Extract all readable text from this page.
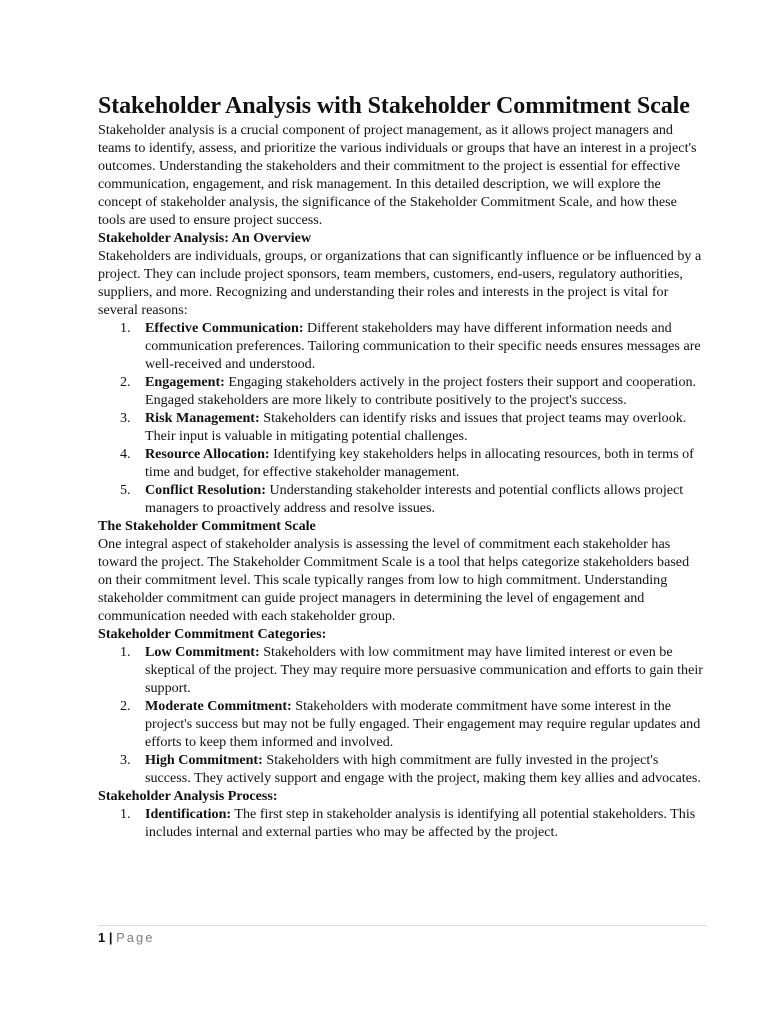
Stakeholder Analysis with Stakeholder Commitment Scale

Stakeholder analysis is a crucial component of project management, as it allows project managers and teams to identify, assess, and prioritize the various individuals or groups that have an interest in a project's outcomes. Understanding the stakeholders and their commitment to the project is essential for effective communication, engagement, and risk management. In this detailed description, we will explore the concept of stakeholder analysis, the significance of the Stakeholder Commitment Scale, and how these tools are used to ensure project success.

Stakeholder Analysis: An Overview

Stakeholders are individuals, groups, or organizations that can significantly influence or be influenced by a project. They can include project sponsors, team members, customers, end-users, regulatory authorities, suppliers, and more. Recognizing and understanding their roles and interests in the project is vital for several reasons:

1. Effective Communication: Different stakeholders may have different information needs and communication preferences. Tailoring communication to their specific needs ensures messages are well-received and understood.
2. Engagement: Engaging stakeholders actively in the project fosters their support and cooperation. Engaged stakeholders are more likely to contribute positively to the project's success.
3. Risk Management: Stakeholders can identify risks and issues that project teams may overlook. Their input is valuable in mitigating potential challenges.
4. Resource Allocation: Identifying key stakeholders helps in allocating resources, both in terms of time and budget, for effective stakeholder management.
5. Conflict Resolution: Understanding stakeholder interests and potential conflicts allows project managers to proactively address and resolve issues.
The Stakeholder Commitment Scale

One integral aspect of stakeholder analysis is assessing the level of commitment each stakeholder has toward the project. The Stakeholder Commitment Scale is a tool that helps categorize stakeholders based on their commitment level. This scale typically ranges from low to high commitment. Understanding stakeholder commitment can guide project managers in determining the level of engagement and communication needed with each stakeholder group.

Stakeholder Commitment Categories:
1. Low Commitment: Stakeholders with low commitment may have limited interest or even be skeptical of the project. They may require more persuasive communication and efforts to gain their support.
2. Moderate Commitment: Stakeholders with moderate commitment have some interest in the project's success but may not be fully engaged. Their engagement may require regular updates and efforts to keep them informed and involved.
3. High Commitment: Stakeholders with high commitment are fully invested in the project's success. They actively support and engage with the project, making them key allies and advocates.
Stakeholder Analysis Process:
1. Identification: The first step in stakeholder analysis is identifying all potential stakeholders. This includes internal and external parties who may be affected by the project.
1 | Page
